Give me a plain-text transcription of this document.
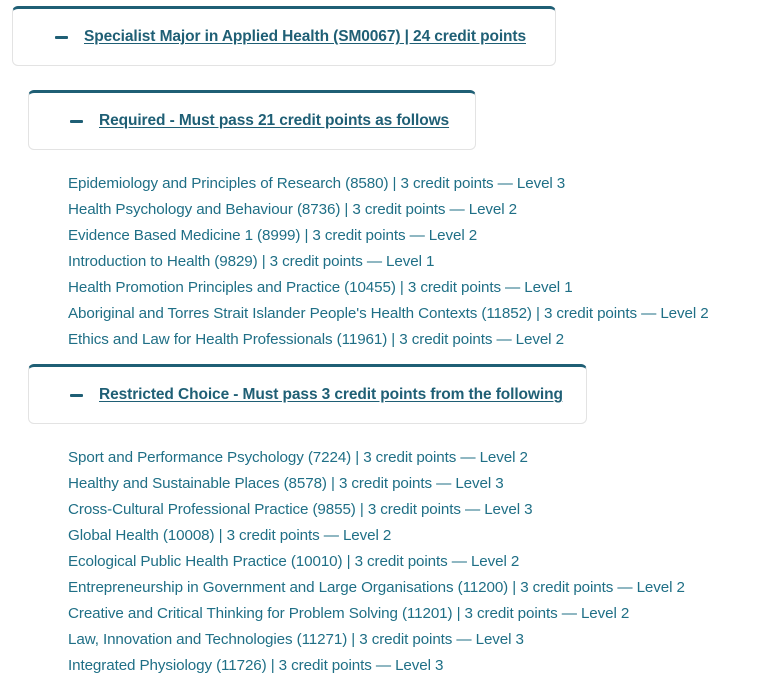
Specialist Major in Applied Health (SM0067) | 24 credit points
Required - Must pass 21 credit points as follows
Epidemiology and Principles of Research (8580) | 3 credit points — Level 3
Health Psychology and Behaviour (8736) | 3 credit points — Level 2
Evidence Based Medicine 1 (8999) | 3 credit points — Level 2
Introduction to Health (9829) | 3 credit points — Level 1
Health Promotion Principles and Practice (10455) | 3 credit points — Level 1
Aboriginal and Torres Strait Islander People's Health Contexts (11852) | 3 credit points — Level 2
Ethics and Law for Health Professionals (11961) | 3 credit points — Level 2
Restricted Choice - Must pass 3 credit points from the following
Sport and Performance Psychology (7224) | 3 credit points — Level 2
Healthy and Sustainable Places (8578) | 3 credit points — Level 3
Cross-Cultural Professional Practice (9855) | 3 credit points — Level 3
Global Health (10008) | 3 credit points — Level 2
Ecological Public Health Practice (10010) | 3 credit points — Level 2
Entrepreneurship in Government and Large Organisations (11200) | 3 credit points — Level 2
Creative and Critical Thinking for Problem Solving (11201) | 3 credit points — Level 2
Law, Innovation and Technologies (11271) | 3 credit points — Level 3
Integrated Physiology (11726) | 3 credit points — Level 3
